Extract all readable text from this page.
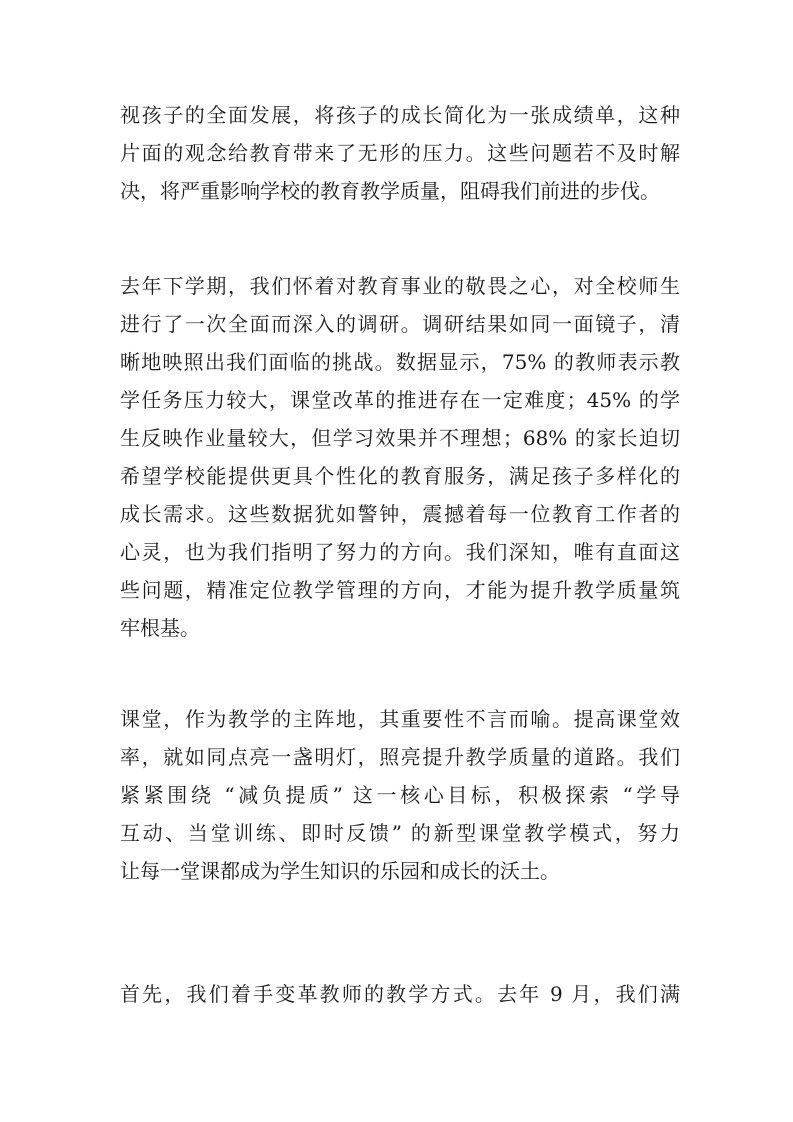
视孩子的全面发展，将孩子的成长简化为一张成绩单，这种
片面的观念给教育带来了无形的压力。这些问题若不及时解
决，将严重影响学校的教育教学质量，阻碍我们前进的步伐。
去年下学期，我们怀着对教育事业的敬畏之心，对全校师生
进行了一次全面而深入的调研。调研结果如同一面镜子，清
晰地映照出我们面临的挑战。数据显示，75% 的教师表示教
学任务压力较大，课堂改革的推进存在一定难度；45% 的学
生反映作业量较大，但学习效果并不理想；68% 的家长迫切
希望学校能提供更具个性化的教育服务，满足孩子多样化的
成长需求。这些数据犹如警钟，震撼着每一位教育工作者的
心灵，也为我们指明了努力的方向。我们深知，唯有直面这
些问题，精准定位教学管理的方向，才能为提升教学质量筑
牢根基。
课堂，作为教学的主阵地，其重要性不言而喻。提高课堂效
率，就如同点亮一盏明灯，照亮提升教学质量的道路。我们
紧紧围绕 “减负提质” 这一核心目标，积极探索 “学导
互动、当堂训练、即时反馈” 的新型课堂教学模式，努力
让每一堂课都成为学生知识的乐园和成长的沃土。
首先，我们着手变革教师的教学方式。去年 9 月，我们满
